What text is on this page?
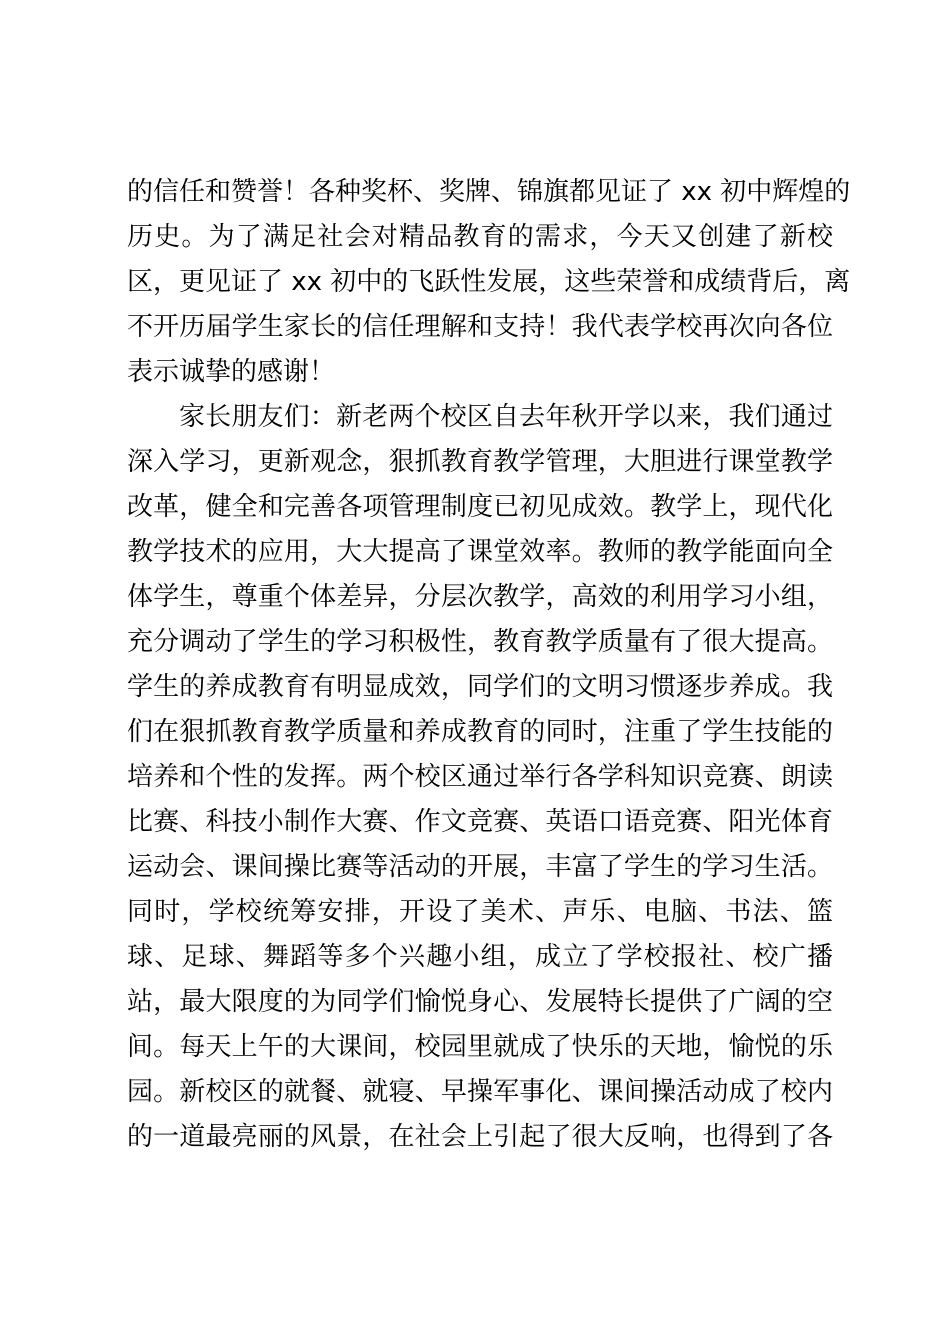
的信任和赞誉！各种奖杯、奖牌、锦旗都见证了 xx 初中辉煌的
历史。为了满足社会对精品教育的需求，今天又创建了新校
区，更见证了 xx 初中的飞跃性发展，这些荣誉和成绩背后，离
不开历届学生家长的信任理解和支持！我代表学校再次向各位
表示诚挚的感谢！
家长朋友们：新老两个校区自去年秋开学以来，我们通过
深入学习，更新观念，狠抓教育教学管理，大胆进行课堂教学
改革，健全和完善各项管理制度已初见成效。教学上，现代化
教学技术的应用，大大提高了课堂效率。教师的教学能面向全
体学生，尊重个体差异，分层次教学，高效的利用学习小组，
充分调动了学生的学习积极性，教育教学质量有了很大提高。
学生的养成教育有明显成效，同学们的文明习惯逐步养成。我
们在狠抓教育教学质量和养成教育的同时，注重了学生技能的
培养和个性的发挥。两个校区通过举行各学科知识竞赛、朗读
比赛、科技小制作大赛、作文竞赛、英语口语竞赛、阳光体育
运动会、课间操比赛等活动的开展，丰富了学生的学习生活。
同时，学校统筹安排，开设了美术、声乐、电脑、书法、篮
球、足球、舞蹈等多个兴趣小组，成立了学校报社、校广播
站，最大限度的为同学们愉悦身心、发展特长提供了广阔的空
间。每天上午的大课间，校园里就成了快乐的天地，愉悦的乐
园。新校区的就餐、就寝、早操军事化、课间操活动成了校内
的一道最亮丽的风景，在社会上引起了很大反响，也得到了各
